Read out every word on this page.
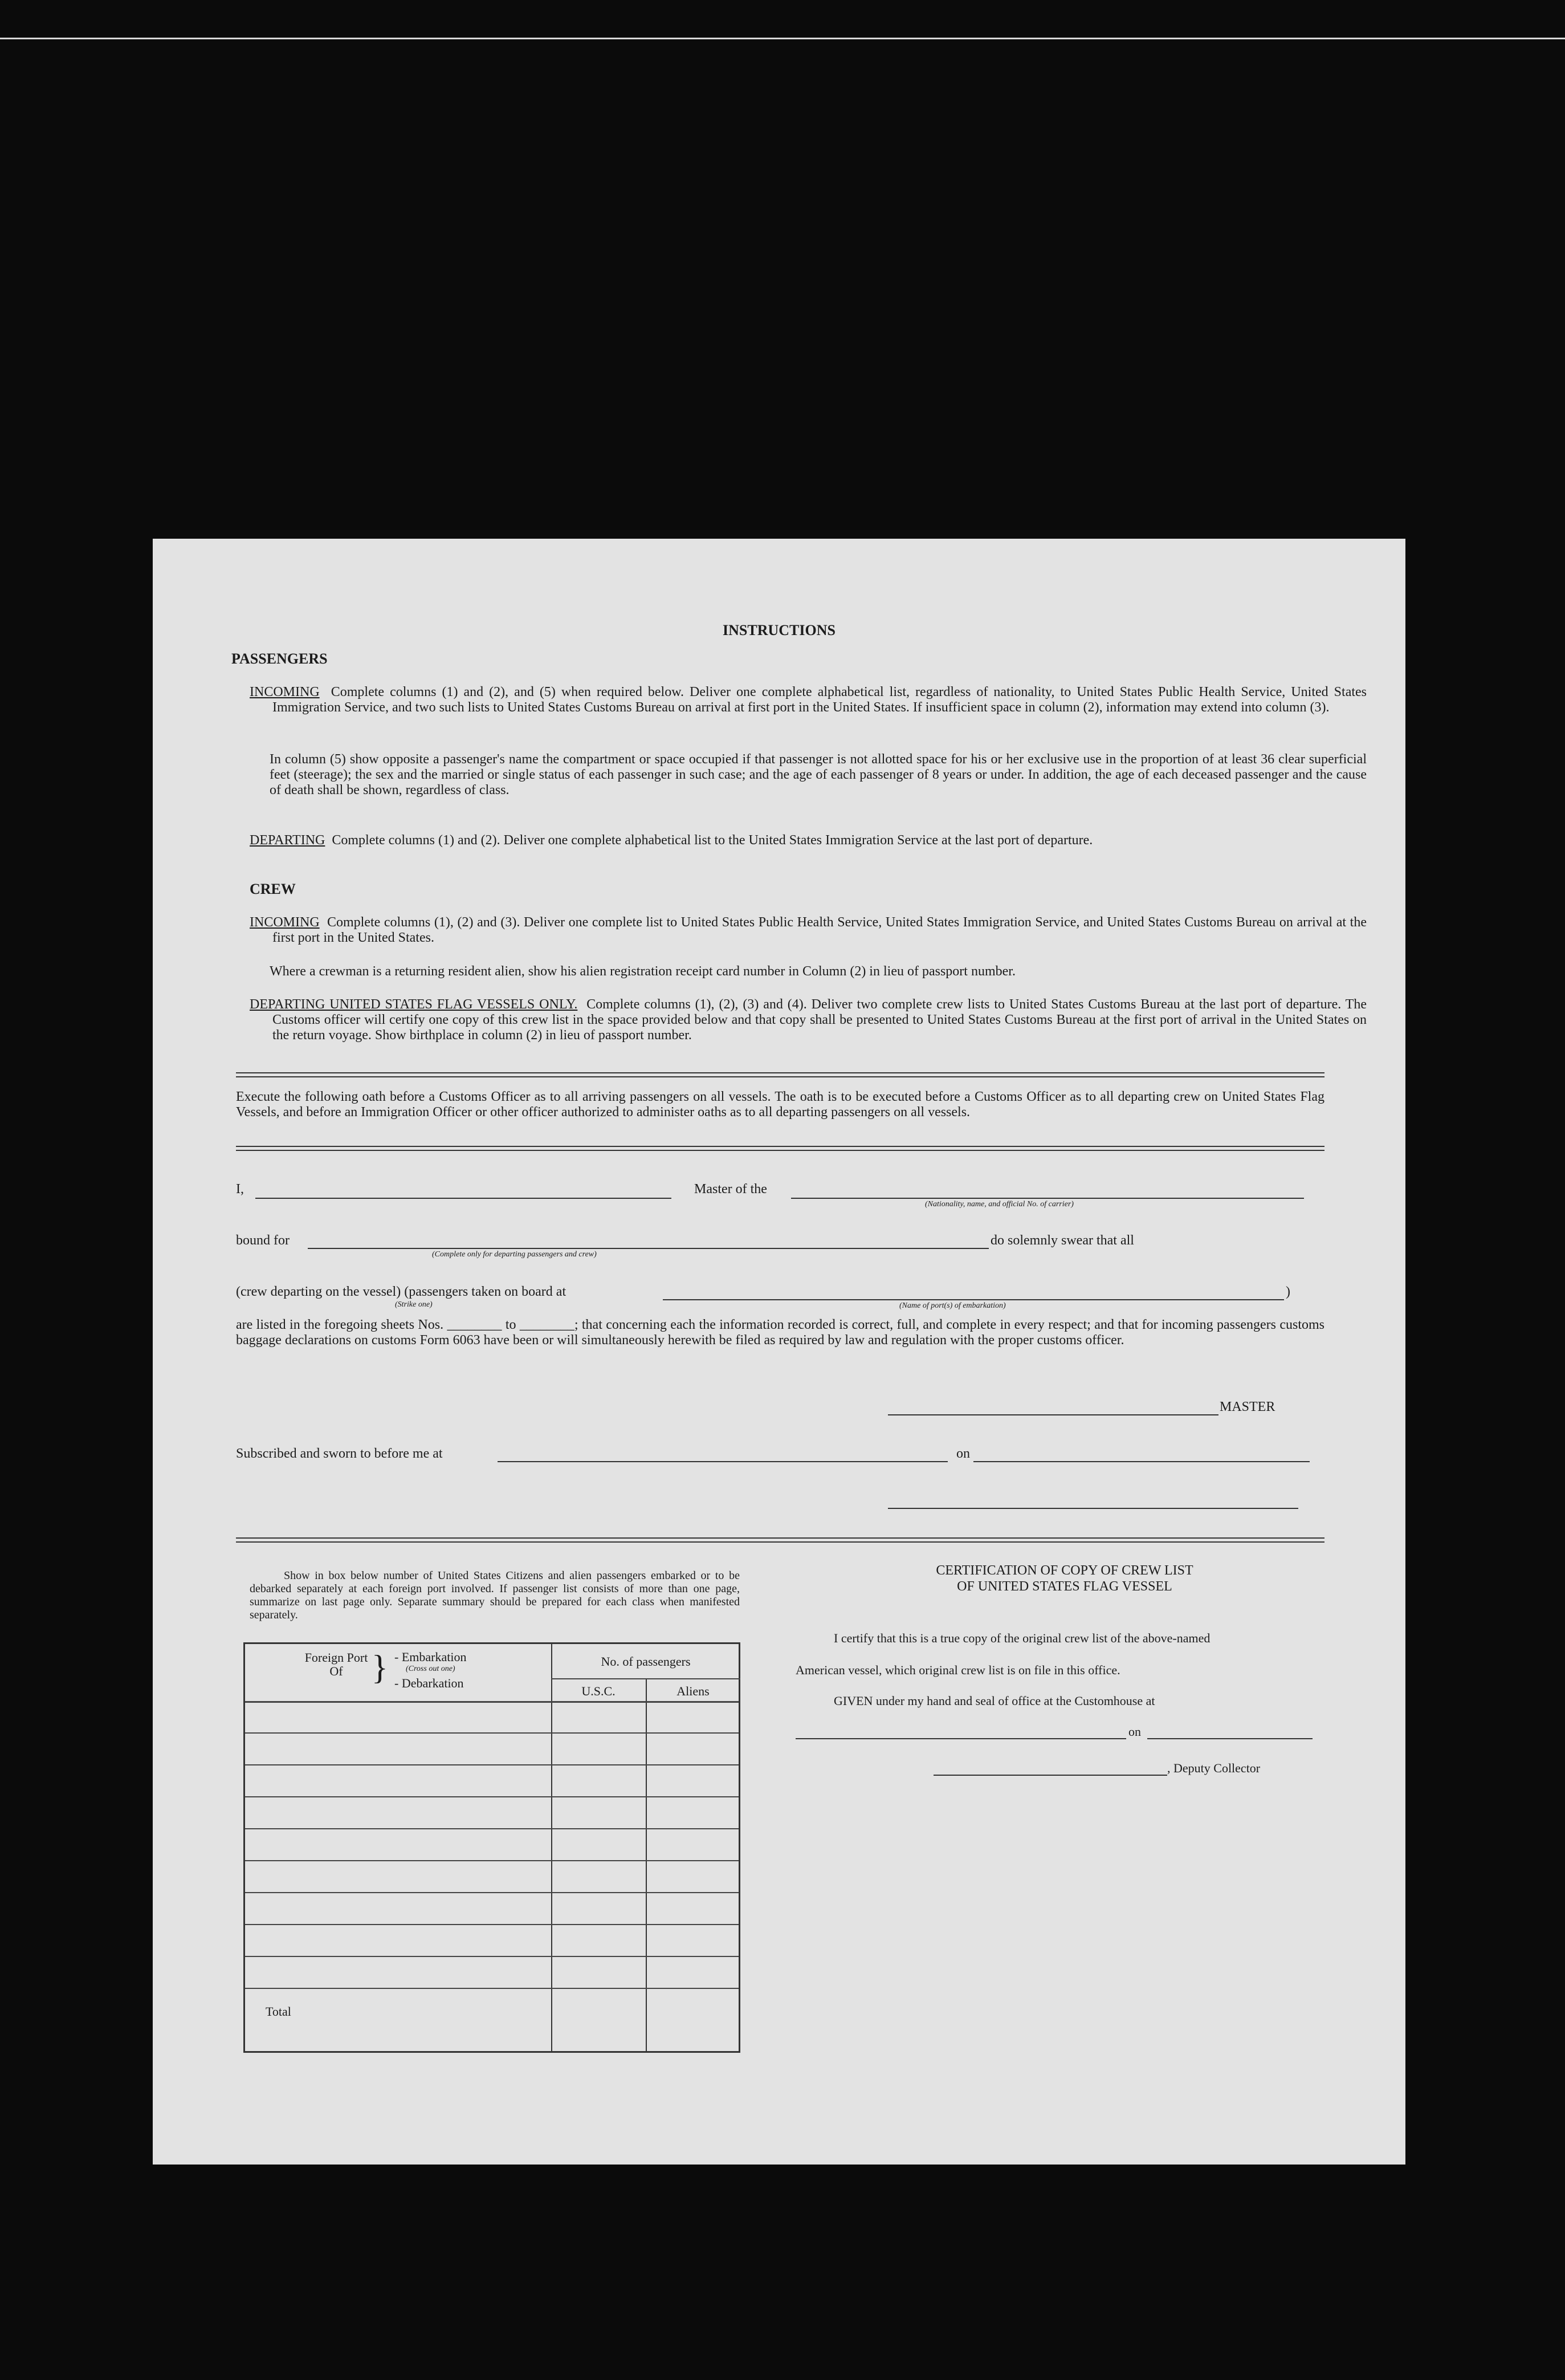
INSTRUCTIONS
PASSENGERS
INCOMING Complete columns (1) and (2), and (5) when required below. Deliver one complete alphabetical list, regardless of nationality, to United States Public Health Service, United States Immigration Service, and two such lists to United States Customs Bureau on arrival at first port in the United States. If insufficient space in column (2), information may extend into column (3).
In column (5) show opposite a passenger's name the compartment or space occupied if that passenger is not allotted space for his or her exclusive use in the proportion of at least 36 clear superficial feet (steerage); the sex and the married or single status of each passenger in such case; and the age of each passenger of 8 years or under. In addition, the age of each deceased passenger and the cause of death shall be shown, regardless of class.
DEPARTING Complete columns (1) and (2). Deliver one complete alphabetical list to the United States Immigration Service at the last port of departure.
CREW
INCOMING Complete columns (1), (2) and (3). Deliver one complete list to United States Public Health Service, United States Immigration Service, and United States Customs Bureau on arrival at the first port in the United States.
Where a crewman is a returning resident alien, show his alien registration receipt card number in Column (2) in lieu of passport number.
DEPARTING UNITED STATES FLAG VESSELS ONLY. Complete columns (1), (2), (3) and (4). Deliver two complete crew lists to United States Customs Bureau at the last port of departure. The Customs officer will certify one copy of this crew list in the space provided below and that copy shall be presented to United States Customs Bureau at the first port of arrival in the United States on the return voyage. Show birthplace in column (2) in lieu of passport number.
Execute the following oath before a Customs Officer as to all arriving passengers on all vessels. The oath is to be executed before a Customs Officer as to all departing crew on United States Flag Vessels, and before an Immigration Officer or other officer authorized to administer oaths as to all departing passengers on all vessels.
I,	Master of the
(Nationality, name, and official No. of carrier)
bound for	do solemnly swear that all
(Complete only for departing passengers and crew)
(crew departing on the vessel) (passengers taken on board at	)
(Strike one)	(Name of port(s) of embarkation)
are listed in the foregoing sheets Nos. ________ to ________; that concerning each the information recorded is correct, full, and complete in every respect; and that for incoming passengers customs baggage declarations on customs Form 6063 have been or will simultaneously herewith be filed as required by law and regulation with the proper customs officer.
MASTER
Subscribed and sworn to before me at	on
Show in box below number of United States Citizens and alien passengers embarked or to be debarked separately at each foreign port involved. If passenger list consists of more than one page, summarize on last page only. Separate summary should be prepared for each class when manifested separately.
Foreign Port Of } - Embarkation
(Cross out one)
- Debarkation
No. of passengers
U.S.C.	Aliens
Total
CERTIFICATION OF COPY OF CREW LIST
OF UNITED STATES FLAG VESSEL
I certify that this is a true copy of the original crew list of the above-named
American vessel, which original crew list is on file in this office.
GIVEN under my hand and seal of office at the Customhouse at
on
, Deputy Collector
